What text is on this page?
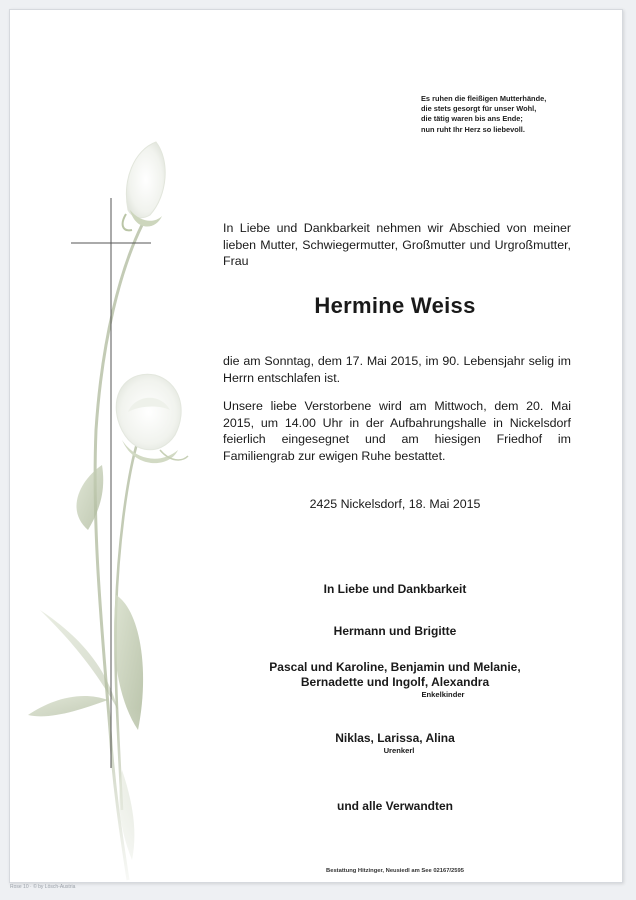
Es ruhen die fleißigen Mutterhände,
die stets gesorgt für unser Wohl,
die tätig waren bis ans Ende;
nun ruht Ihr Herz so liebevoll.
In Liebe und Dankbarkeit nehmen wir Abschied von meiner lieben Mutter, Schwiegermutter, Großmutter und Urgroßmutter, Frau
Hermine Weiss
die am Sonntag, dem 17. Mai 2015, im 90. Lebensjahr selig im Herrn entschlafen ist.
Unsere liebe Verstorbene wird am Mittwoch, dem 20. Mai 2015, um 14.00 Uhr in der Aufbahrungshalle in Nickelsdorf feierlich eingesegnet und am hiesigen Friedhof im Familiengrab zur ewigen Ruhe bestattet.
2425 Nickelsdorf, 18. Mai 2015
In Liebe und Dankbarkeit
Hermann und Brigitte
Pascal und Karoline, Benjamin und Melanie,
Bernadette und Ingolf, Alexandra
Enkelkinder
Niklas, Larissa, Alina
Urenkerl
und alle Verwandten
Bestattung Hitzinger, Neusiedl am See 02167/2595
Rose 10 · © by Lösch-Austria
